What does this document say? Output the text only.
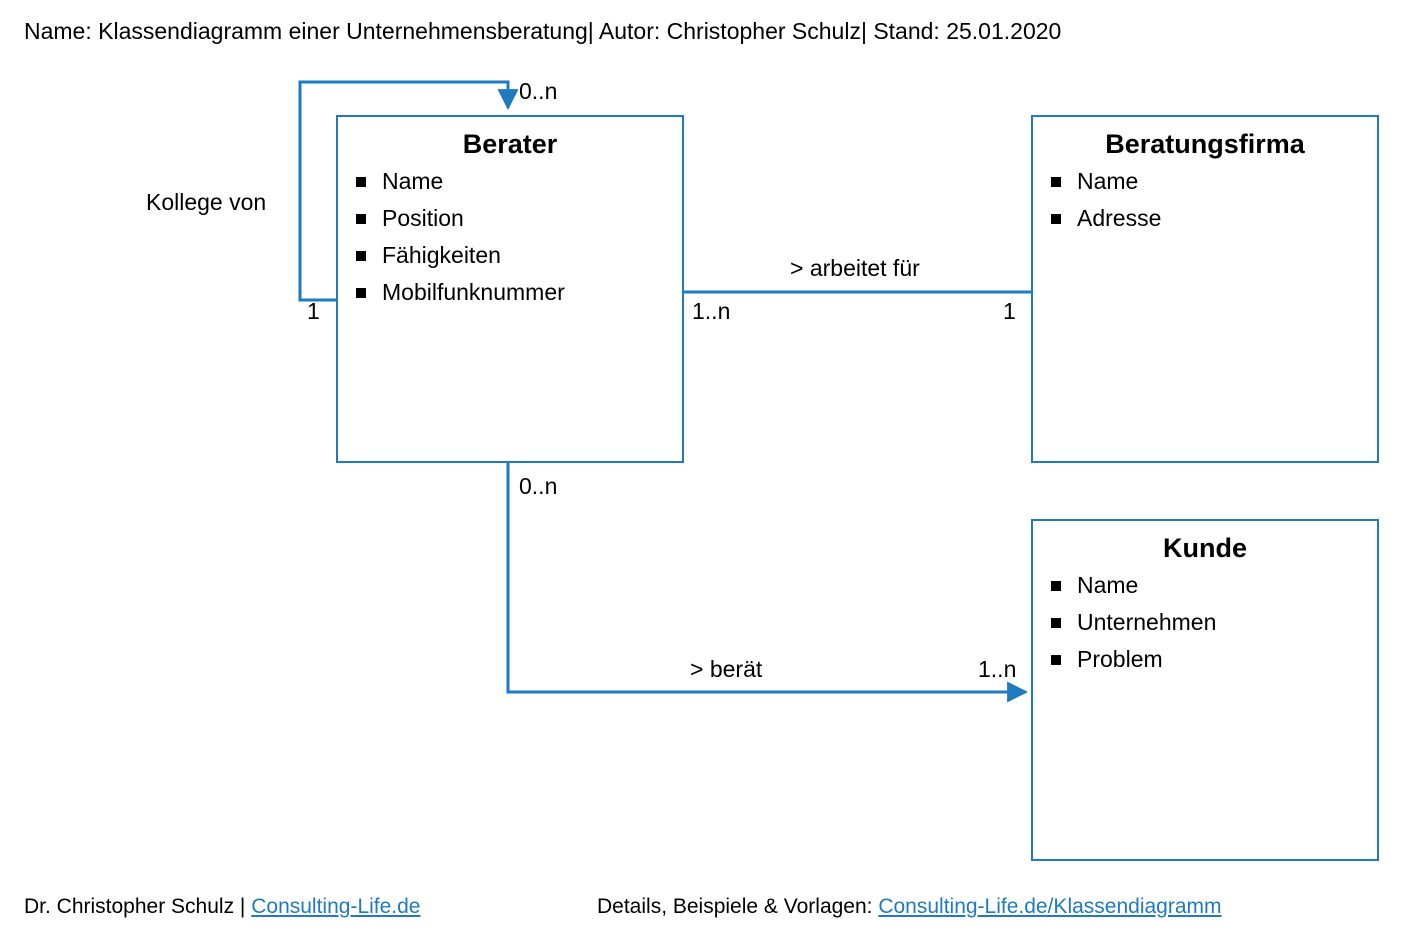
Name: Klassendiagramm einer Unternehmensberatung| Autor: Christopher Schulz| Stand: 25.01.2020
Berater
Name
Position
Fähigkeiten
Mobilfunknummer
Beratungsfirma
Name
Adresse
Kunde
Name
Unternehmen
Problem
Kollege von
0..n
1
> arbeitet für
1..n	1
0..n
> berät	1..n
Dr. Christopher Schulz | Consulting-Life.de	Details, Beispiele & Vorlagen: Consulting-Life.de/Klassendiagramm
